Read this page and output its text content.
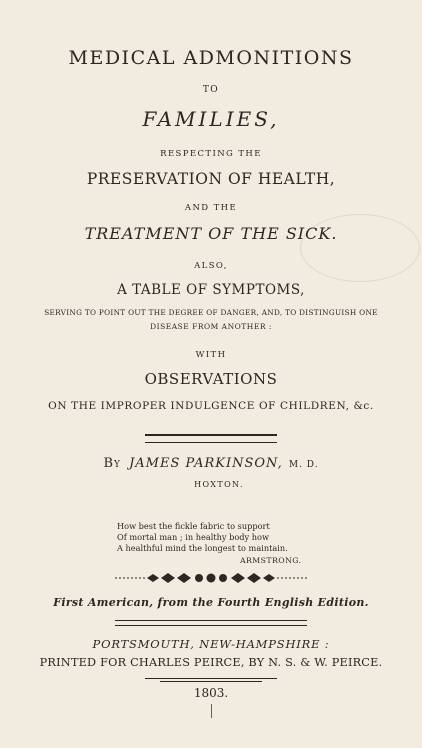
MEDICAL ADMONITIONS
TO
FAMILIES,
RESPECTING THE
PRESERVATION OF HEALTH,
AND THE
TREATMENT OF THE SICK.
ALSO,
A TABLE OF SYMPTOMS,
SERVING TO POINT OUT THE DEGREE OF DANGER, AND, TO DISTINGUISH ONE
DISEASE FROM ANOTHER :
WITH
OBSERVATIONS
ON THE IMPROPER INDULGENCE OF CHILDREN, &c.
By JAMES PARKINSON, M. D.
HOXTON.
How best the fickle fabric to support
Of mortal man ; in healthy body how
A healthful mind the longest to maintain.
ARMSTRONG.
First American, from the Fourth English Edition.
PORTSMOUTH, NEW-HAMPSHIRE :
PRINTED FOR CHARLES PEIRCE, BY N. S. & W. PEIRCE.
1803.
